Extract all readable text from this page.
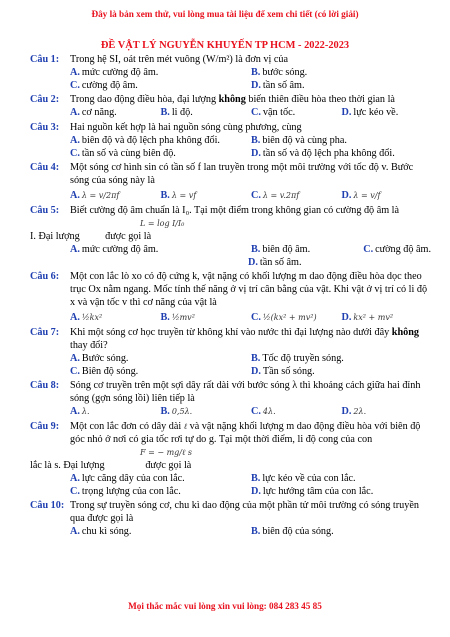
Đây là bản xem thử, vui lòng mua tài liệu để xem chi tiết (có lời giải)
ĐỀ VẬT LÝ NGUYỄN KHUYẾN TP HCM - 2022-2023
Câu 1: Trong hệ SI, oát trên mét vuông (W/m²) là đơn vị của
A. mức cường độ âm.	B. bước sóng.
C. cường độ âm.	D. tần số âm.
Câu 2: Trong dao động điều hòa, đại lượng không biến thiên điều hòa theo thời gian là
A. cơ năng.	B. li độ.	C. vận tốc.	D. lực kéo về.
Câu 3: Hai nguồn kết hợp là hai nguồn sóng cùng phương, cùng
A. biên độ và độ lệch pha không đổi.	B. biên độ và cùng pha.
C. tần số và cùng biên độ.	D. tần số và độ lệch pha không đổi.
Câu 4: Một sóng cơ hình sin có tần số f lan truyền trong một môi trường với tốc độ v. Bước sóng của sóng này là
A. λ = v/2πf	B. λ = vf	C. λ = v.2πf	D. λ = v/f
Câu 5: Biết cường độ âm chuẩn là I₀. Tại một điểm trong không gian có cường độ âm là
L = log I/I₀
I. Đại lượng được gọi là
A. mức cường độ âm.	B. biên độ âm.	C. cường độ âm.
D. tần số âm.
Câu 6: Một con lắc lò xo có độ cứng k, vật nặng có khối lượng m dao động điều hòa dọc theo trục Ox nằm ngang. Mốc tính thế năng ở vị trí cân bằng của vật. Khi vật ở vị trí có li độ x và vận tốc v thì cơ năng của vật là
A. ½kx²	B. ½mv²	C. ½(kx² + mv²)	D. kx² + mv²
Câu 7: Khi một sóng cơ học truyền từ không khí vào nước thì đại lượng nào dưới đây không thay đổi?
A. Bước sóng.	B. Tốc độ truyền sóng.
C. Biên độ sóng.	D. Tần số sóng.
Câu 8: Sóng cơ truyền trên một sợi dây rất dài với bước sóng λ thì khoảng cách giữa hai đỉnh sóng (gợn sóng lồi) liên tiếp là
A. λ.	B. 0,5λ.	C. 4λ.	D. 2λ.
Câu 9: Một con lắc đơn có dây dài ℓ và vật nặng khối lượng m dao động điều hòa với biên độ góc nhỏ ở nơi có gia tốc rơi tự do g. Tại một thời điểm, li độ cong của con
F = − mg/ℓ s
lắc là s. Đại lượng	được gọi là
A. lực căng dây của con lắc.	B. lực kéo về của con lắc.
C. trọng lượng của con lắc.	D. lực hướng tâm của con lắc.
Câu 10: Trong sự truyền sóng cơ, chu kì dao động của một phần tử môi trường có sóng truyền qua được gọi là
A. chu kì sóng.	B. biên độ của sóng.
Mọi thắc mắc vui lòng xin vui lòng: 084 283 45 85
